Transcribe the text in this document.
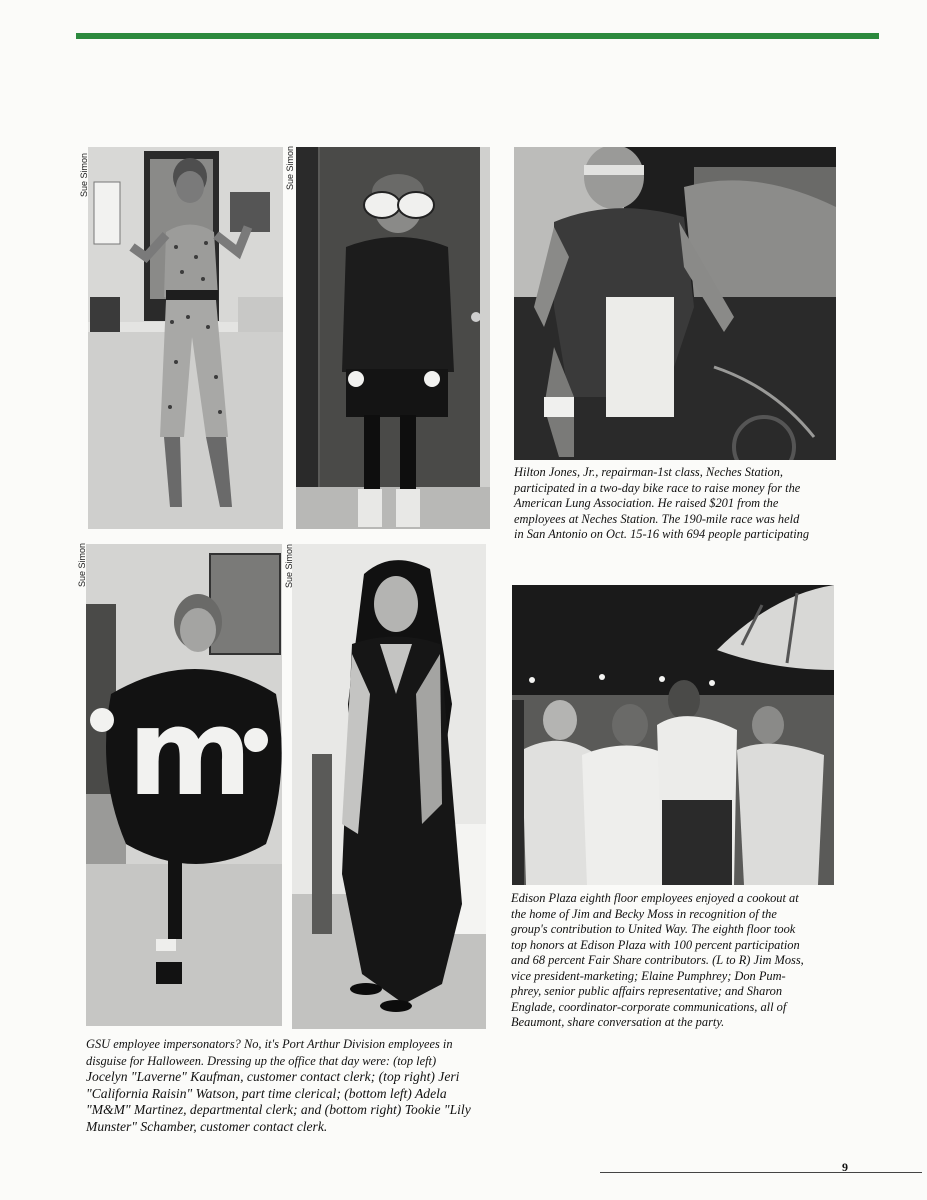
m
Sue Simon	Sue Simon
Sue Simon	Sue Simon

Hilton Jones, Jr., repairman-1st class, Neches Station,
participated in a two-day bike race to raise money for the
American Lung Association. He raised $201 from the
employees at Neches Station. The 190-mile race was held
in San Antonio on Oct. 15-16 with 694 people participating

Edison Plaza eighth floor employees enjoyed a cookout at
the home of Jim and Becky Moss in recognition of the
group's contribution to United Way. The eighth floor took
top honors at Edison Plaza with 100 percent participation
and 68 percent Fair Share contributors. (L to R) Jim Moss,
vice president-marketing; Elaine Pumphrey; Don Pum-
phrey, senior public affairs representative; and Sharon
Englade, coordinator-corporate communications, all of
Beaumont, share conversation at the party.

GSU employee impersonators? No, it's Port Arthur Division employees in
disguise for Halloween. Dressing up the office that day were: (top left)
Jocelyn "Laverne" Kaufman, customer contact clerk; (top right) Jeri
"California Raisin" Watson, part time clerical; (bottom left) Adela
"M&M" Martinez, departmental clerk; and (bottom right) Tookie "Lily
Munster" Schamber, customer contact clerk.

9
